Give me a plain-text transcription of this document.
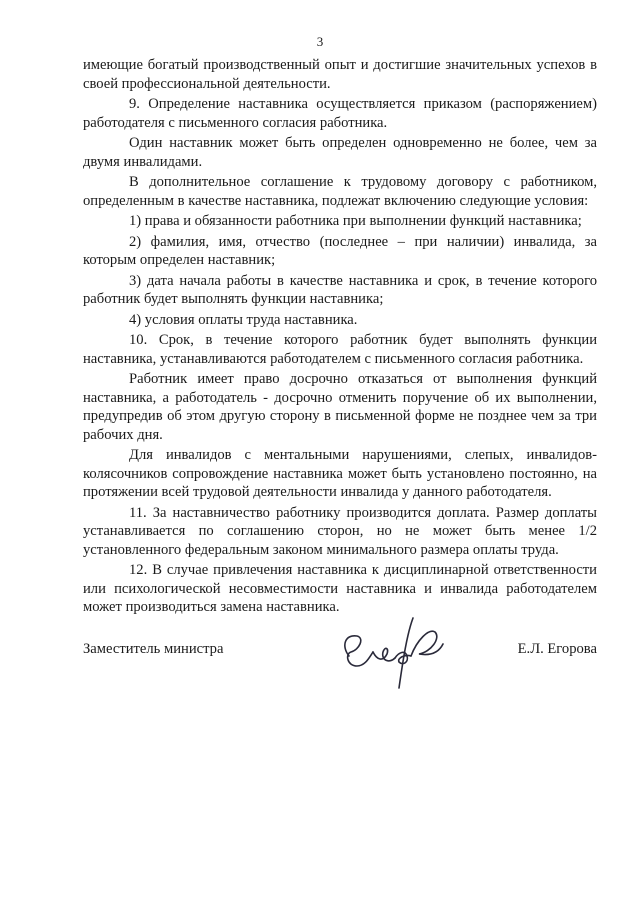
3

имеющие богатый производственный опыт и достигшие значительных успехов в своей профессиональной деятельности.

9. Определение наставника осуществляется приказом (распоряжением) работодателя с письменного согласия работника.

Один наставник может быть определен одновременно не более, чем за двумя инвалидами.

В дополнительное соглашение к трудовому договору с работником, определенным в качестве наставника, подлежат включению следующие условия:

1) права и обязанности работника при выполнении функций наставника;

2) фамилия, имя, отчество (последнее – при наличии) инвалида, за которым определен наставник;

3) дата начала работы в качестве наставника и срок, в течение которого работник будет выполнять функции наставника;

4) условия оплаты труда наставника.

10. Срок, в течение которого работник будет выполнять функции наставника, устанавливаются работодателем с письменного согласия работника.

Работник имеет право досрочно отказаться от выполнения функций наставника, а работодатель - досрочно отменить поручение об их выполнении, предупредив об этом другую сторону в письменной форме не позднее чем за три рабочих дня.

Для инвалидов с ментальными нарушениями, слепых, инвалидов-колясочников сопровождение наставника может быть установлено постоянно, на протяжении всей трудовой деятельности инвалида у данного работодателя.

11. За наставничество работнику производится доплата. Размер доплаты устанавливается по соглашению сторон, но не может быть менее 1/2 установленного федеральным законом минимального размера оплаты труда.

12. В случае привлечения наставника к дисциплинарной ответственности или психологической несовместимости наставника и инвалида работодателем может производиться замена наставника.

Заместитель министра	Е.Л. Егорова
